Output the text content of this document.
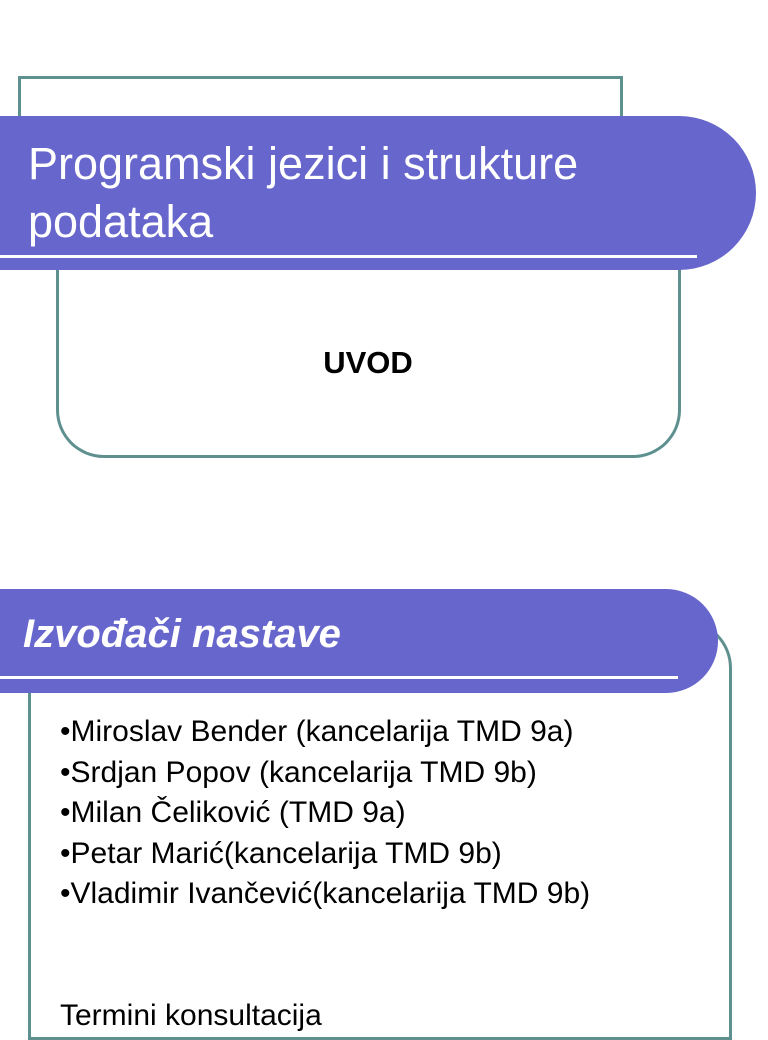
Programski jezici i strukture
podataka

UVOD

Izvođači nastave
•Miroslav Bender (kancelarija TMD 9a)
•Srdjan Popov (kancelarija TMD 9b)
•Milan Čeliković (TMD 9a)
•Petar Marić(kancelarija TMD 9b)
•Vladimir Ivančević(kancelarija TMD 9b)

Termini konsultacija
